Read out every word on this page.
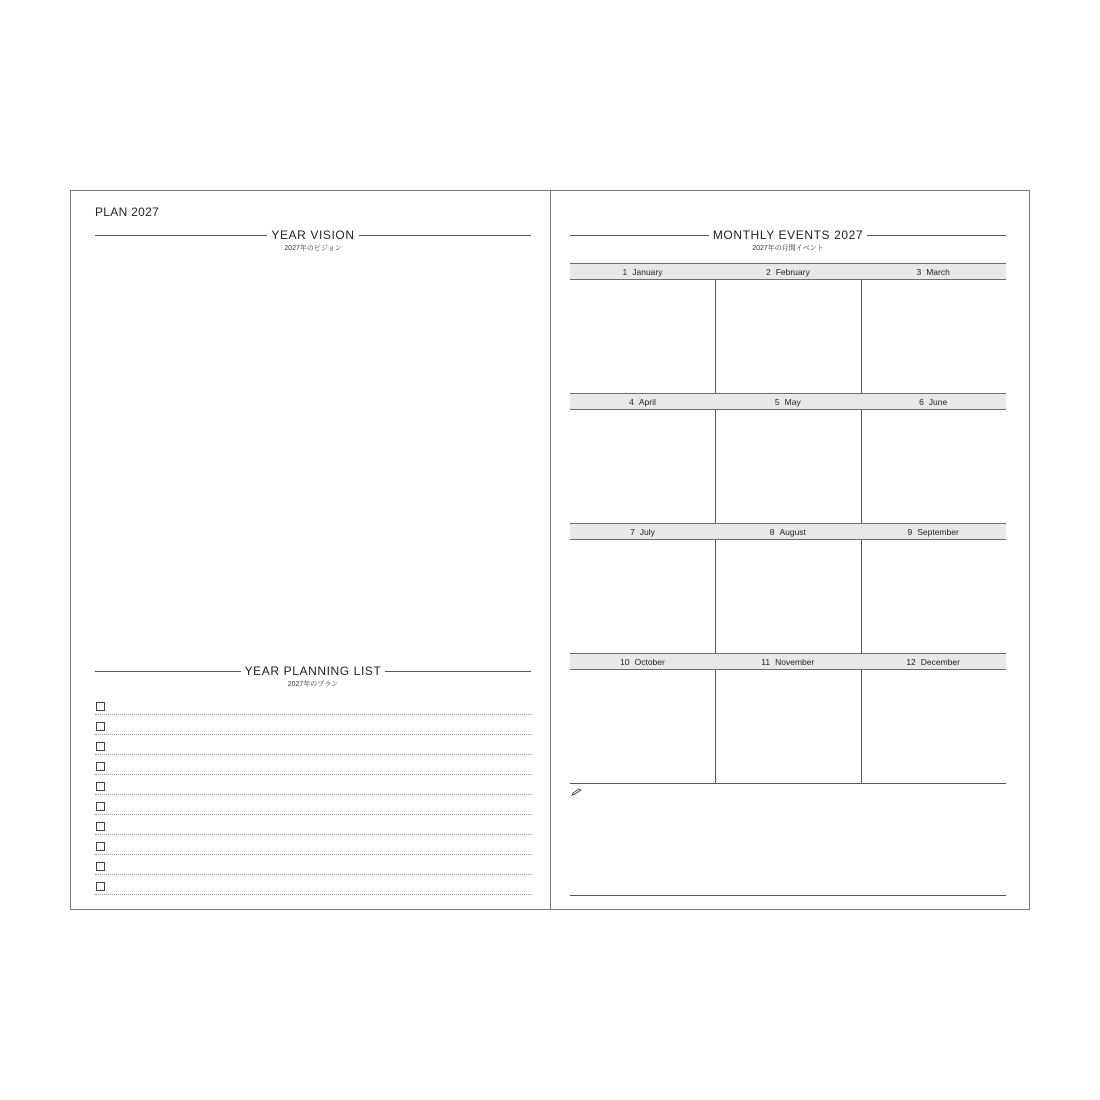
PLAN 2027
YEAR VISION
2027年のビジョン
YEAR PLANNING LIST
2027年のプラン
MONTHLY EVENTS 2027
2027年の月間イベント
1 January	2 February	3 March
4 April	5 May	6 June
7 July	8 August	9 September
10 October	11 November	12 December
